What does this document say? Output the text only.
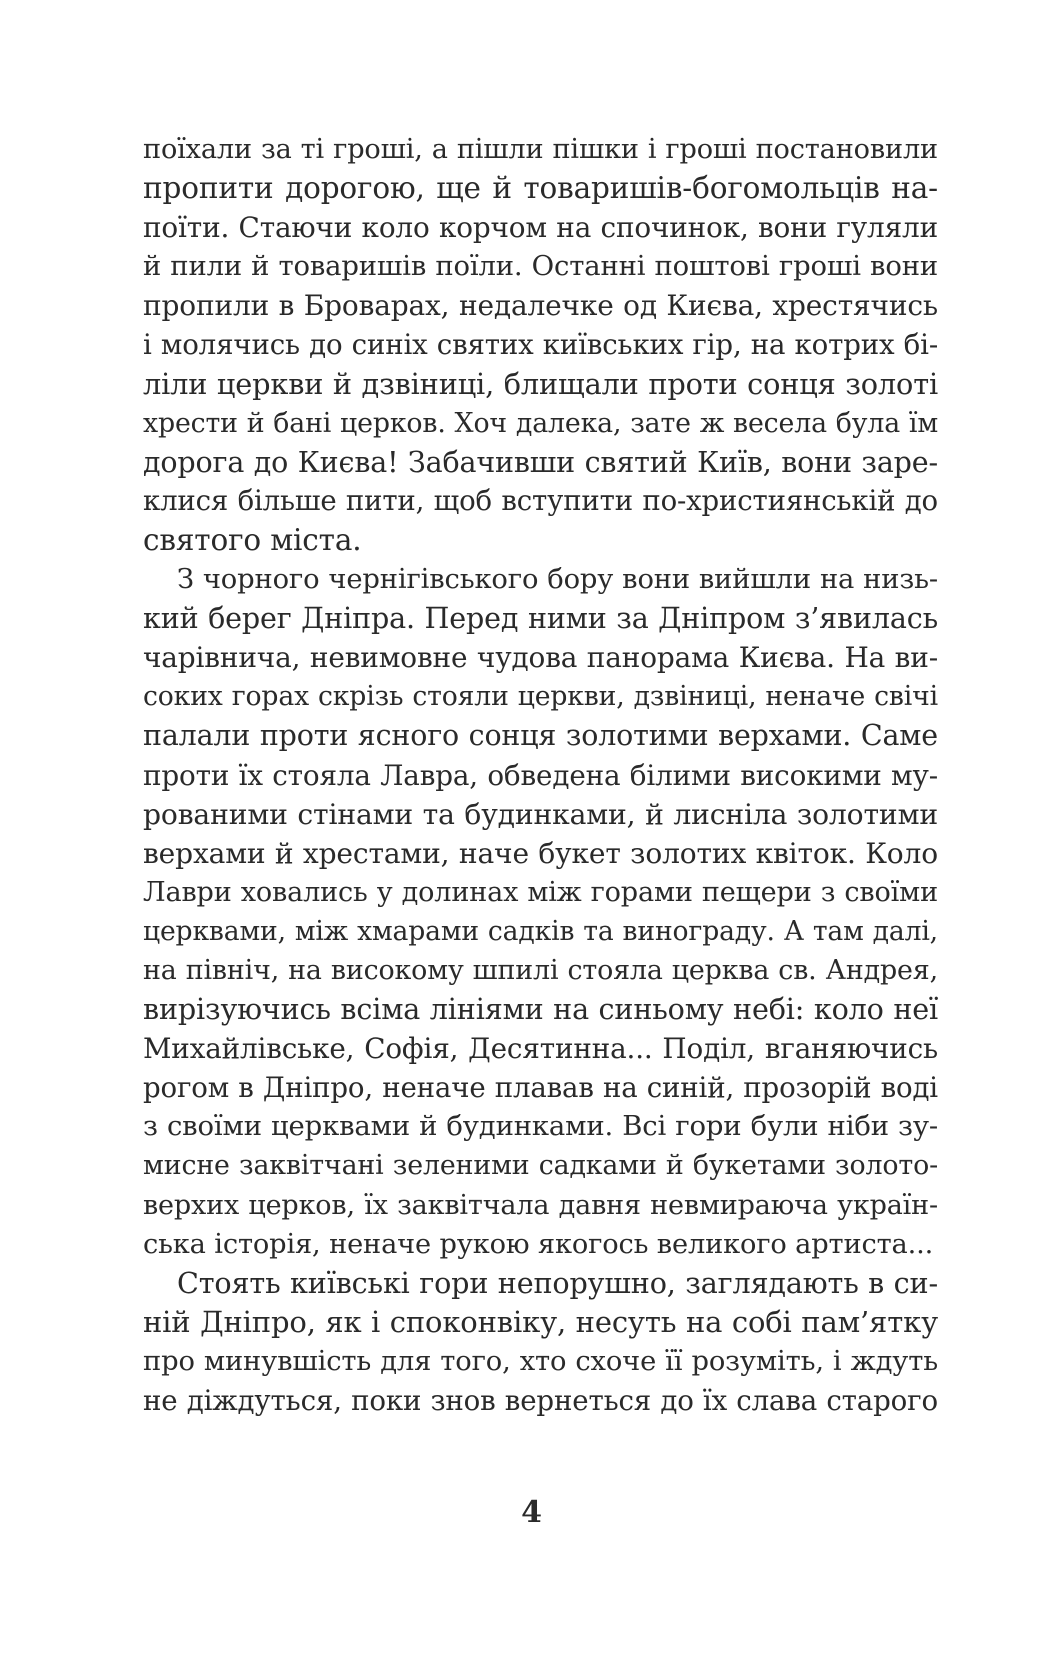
поїхали за ті гроші, а пішли пішки і гроші постановили
пропити дорогою, ще й товаришів-богомольців на-
поїти. Стаючи коло корчом на спочинок, вони гуляли
й пили й товаришів поїли. Останні поштові гроші вони
пропили в Броварах, недалечке од Києва, хрестячись
і молячись до синіх святих київських гір, на котрих бі-
ліли церкви й дзвіниці, блищали проти сонця золоті
хрести й бані церков. Хоч далека, зате ж весела була їм
дорога до Києва! Забачивши святий Київ, вони заре-
клися більше пити, щоб вступити по-християнській до
святого міста.
З чорного чернігівського бору вони вийшли на низь-
кий берег Дніпра. Перед ними за Дніпром з’явилась
чарівнича, невимовне чудова панорама Києва. На ви-
соких горах скрізь стояли церкви, дзвіниці, неначе свічі
палали проти ясного сонця золотими верхами. Саме
проти їх стояла Лавра, обведена білими високими му-
рованими стінами та будинками, й лисніла золотими
верхами й хрестами, наче букет золотих квіток. Коло
Лаври ховались у долинах між горами пещери з своїми
церквами, між хмарами садків та винограду. А там далі,
на північ, на високому шпилі стояла церква св. Андрея,
вирізуючись всіма лініями на синьому небі: коло неї
Михайлівське, Софія, Десятинна... Поділ, вганяючись
рогом в Дніпро, неначе плавав на синій, прозорій воді
з своїми церквами й будинками. Всі гори були ніби зу-
мисне заквітчані зеленими садками й букетами золото-
верхих церков, їх заквітчала давня невмираюча україн-
ська історія, неначе рукою якогось великого артиста...
Стоять київські гори непорушно, заглядають в си-
ній Дніпро, як і споконвіку, несуть на собі пам’ятку
про минувшість для того, хто схоче її розуміть, і ждуть
не діждуться, поки знов вернеться до їх слава старого
4
